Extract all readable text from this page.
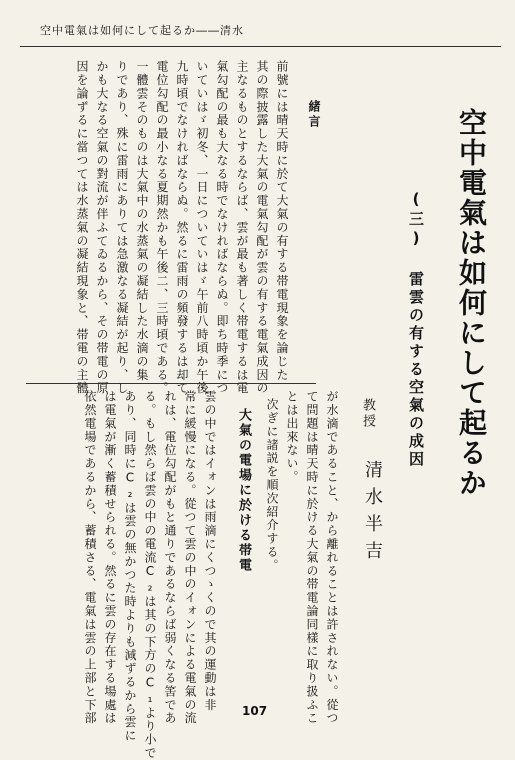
空中電氣は如何にして起るか――清水
空中電氣は如何にして起るか
(三) 雷雲の有する空氣の成因
教授
清水半吉
緒言
前號には晴天時に於て大氣の有する帯電現象を論じた
其の際披露した大氣の電氣勾配が雲の有する電氣成因の
主なるものとするならば、雲が最も著しく帯電するは電
氣勾配の最も大なる時でなければならぬ。即ち時季につ
いていはゞ初冬、一日についていはゞ午前八時頃か午後
九時頃でなければならぬ。然るに雷雨の頻發するは却て
電位勾配の最小なる夏期然かも午後二、三時頃である。
一體雲そのものは大氣中の水蒸氣の凝結した水滴の集
りであり、殊に雷雨にありては急激なる凝結が起り、し
かも大なる空氣の對流が伴ふてゐるから、その帯電の原
因を論ずるに當つては水蒸氣の凝結現象と、帯電の主體
が水滴であること、から離れることは許されない。從つ
て問題は晴天時に於ける大氣の帯電論同樣に取り扱ふこ
とは出來ない。
次ぎに諸説を順次紹介する。
大氣の電場に於ける帯電
雲の中ではイォンは雨滴にくつゝくので其の運動は非
常に緩慢になる。從つて雲の中のイォンによる電氣の流
れは、電位勾配がもと通りであるならば弱くなる筈であ
る。もし然らば雲の中の電流C₂は其の下方のC₁より小で
あり、同時にC₂は雲の無かつた時よりも減ずるから雲に
は電氣が漸く蓄積せられる。然るに雲の存在する場處は
依然電場であるから、蓄積さる、電氣は雲の上部と下部	107
